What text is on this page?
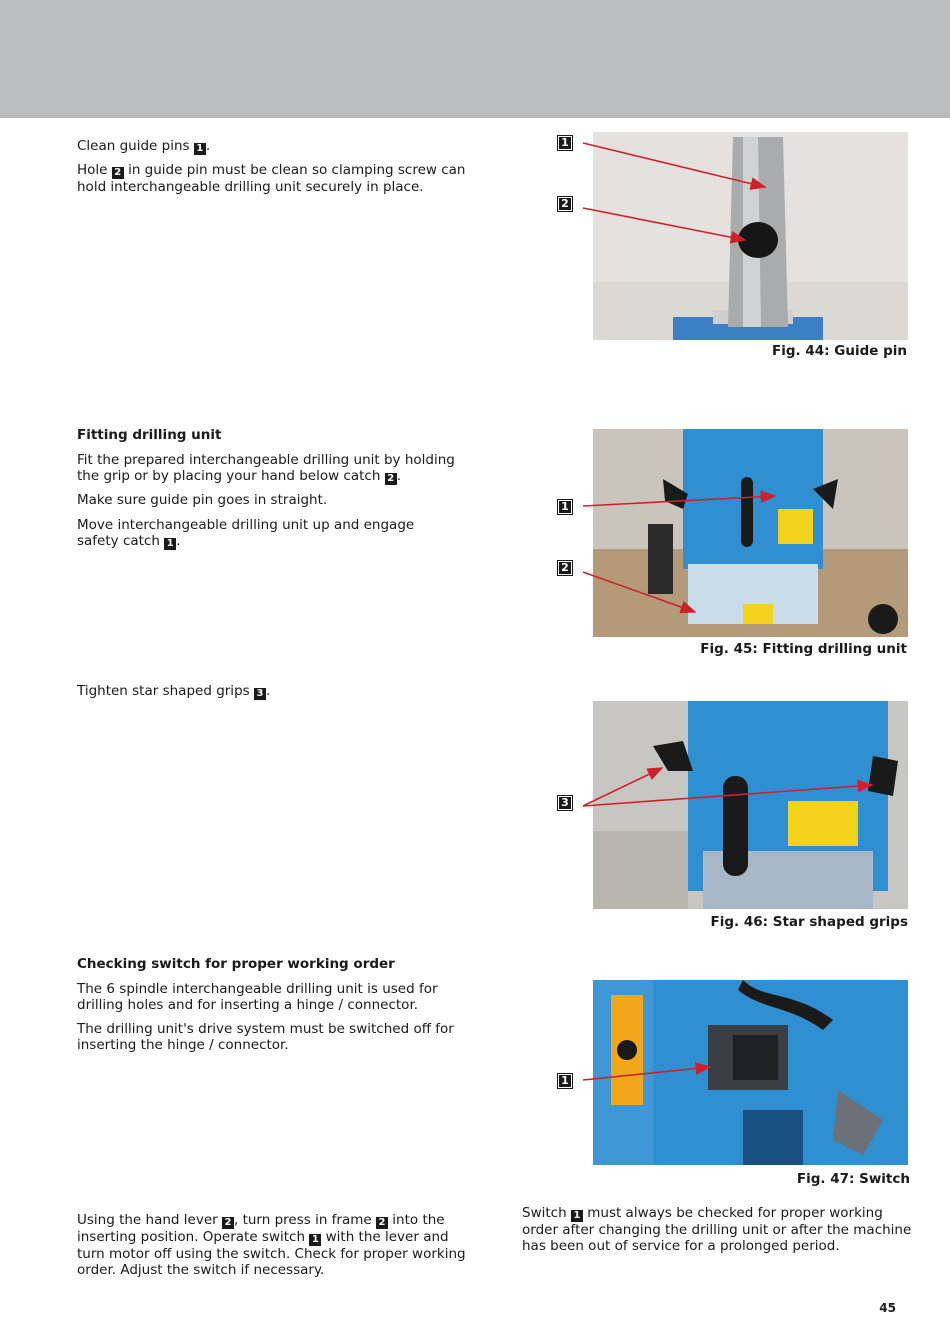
Clean guide pins 1 .

Hole 2 in guide pin must be clean so clamping screw can hold interchangeable drilling unit securely in place.

1
2
Fig. 44: Guide pin

Fitting drilling unit

Fit the prepared interchangeable drilling unit by holding the grip or by placing your hand below catch 2 .

Make sure guide pin goes in straight.

Move interchangeable drilling unit up and engage safety catch 1 .

1
2
Fig. 45: Fitting drilling unit

Tighten star shaped grips 3 .

3
Fig. 46: Star shaped grips

Checking switch for proper working order

The 6 spindle interchangeable drilling unit is used for drilling holes and for inserting a hinge / connector.

The drilling unit's drive system must be switched off for inserting the hinge / connector.

1
Fig. 47: Switch

Using the hand lever 2 , turn press in frame 2 into the inserting position. Operate switch 1 with the lever and turn motor off using the switch. Check for proper working order. Adjust the switch if necessary.

Switch 1 must always be checked for proper working order after changing the drilling unit or after the machine has been out of service for a prolonged period.

45
